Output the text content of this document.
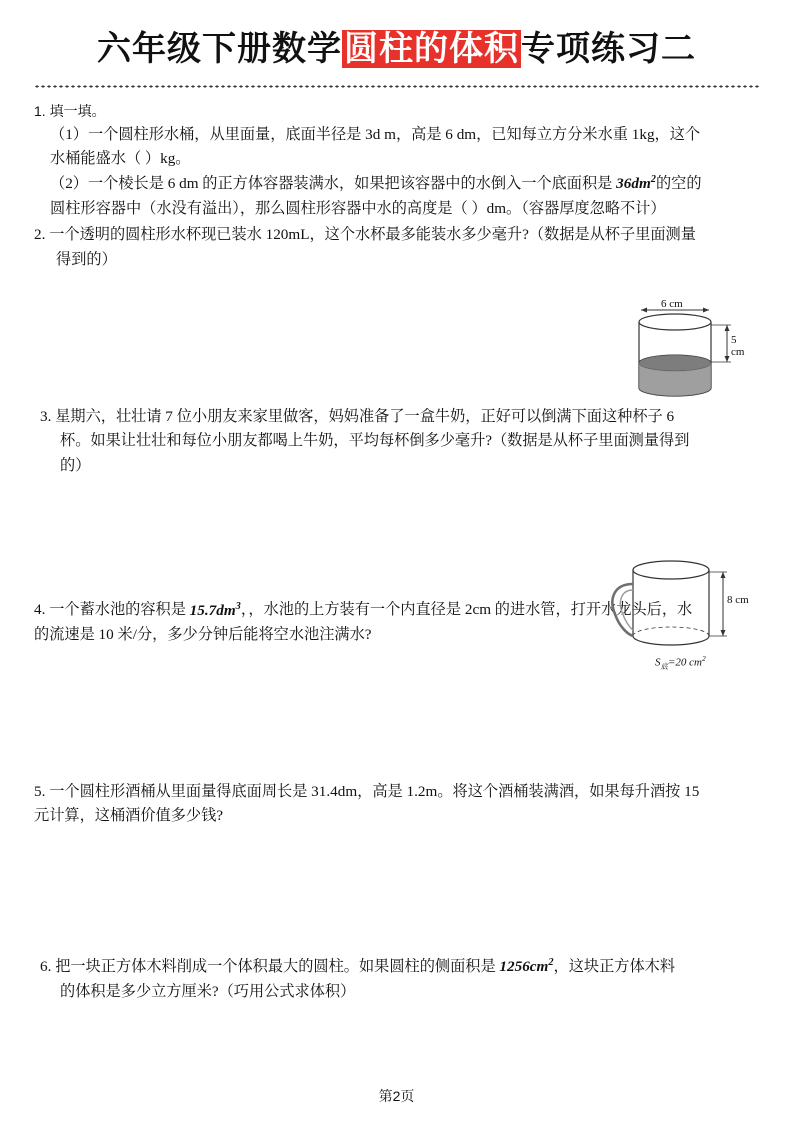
六年级下册数学圆柱的体积专项练习二

1. 填一填。

（1）一个圆柱形水桶，从里面量，底面半径是 3d m，高是 6 dm，已知每立方分米水重 1kg，这个

水桶能盛水（ ）kg。

（2）一个棱长是 6 dm 的正方体容器装满水，如果把该容器中的水倒入一个底面积是 $36dm^2$的空的

圆柱形容器中（水没有溢出），那么圆柱形容器中水的高度是（ ）dm。（容器厚度忽略不计）

2. 一个透明的圆柱形水杯现已装水 120mL，这个水杯最多能装水多少毫升?（数据是从杯子里面测量

得到的）

3. 星期六，壮壮请 7 位小朋友来家里做客，妈妈准备了一盒牛奶，正好可以倒满下面这种杯子 6

杯。如果让壮壮和每位小朋友都喝上牛奶，平均每杯倒多少毫升?（数据是从杯子里面测量得到

的）

4. 一个蓄水池的容积是 $15.7dm^3$，，水池的上方装有一个内直径是 2cm 的进水管，打开水龙头后，水

的流速是 10 米/分，多少分钟后能将空水池注满水?

5. 一个圆柱形酒桶从里面量得底面周长是 31.4dm，高是 1.2m。将这个酒桶装满酒，如果每升酒按 15

元计算，这桶酒价值多少钱?

6. 把一块正方体木料削成一个体积最大的圆柱。如果圆柱的侧面积是 $1256cm^2$，这块正方体木料

的体积是多少立方厘米?（巧用公式求体积）

6 cm
5 cm
8 cm
$S_底=20$ $cm^2$
第2页
